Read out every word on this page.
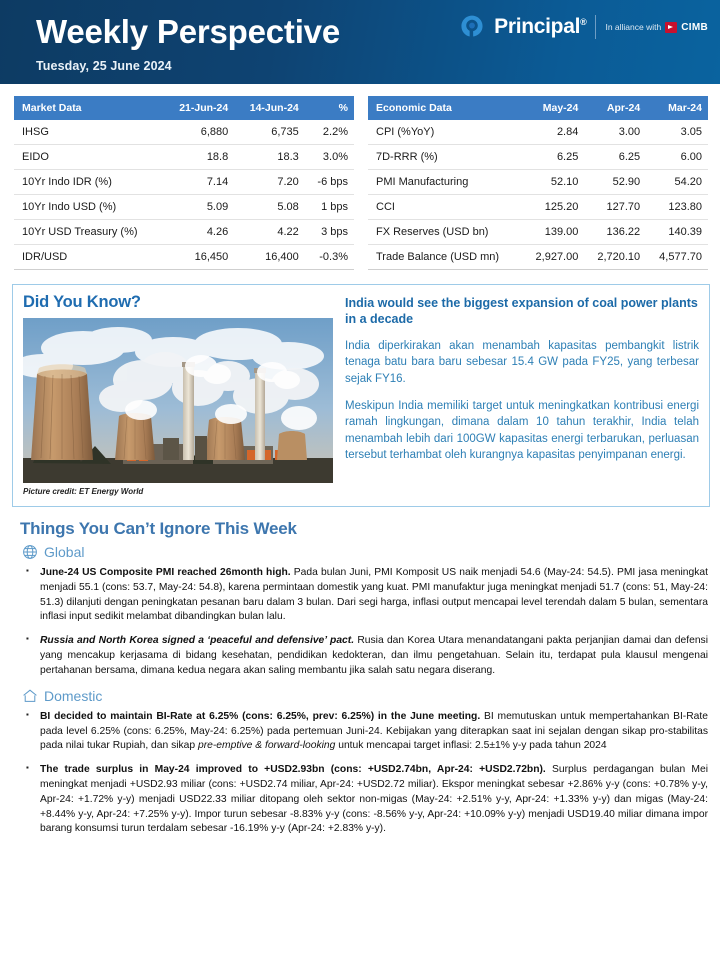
Weekly Perspective
Tuesday, 25 June 2024
Principal® In alliance with CIMB
Market Data	21-Jun-24	14-Jun-24	%
IHSG	6,880	6,735	2.2%
EIDO	18.8	18.3	3.0%
10Yr Indo IDR (%)	7.14	7.20	-6 bps
10Yr Indo USD (%)	5.09	5.08	1 bps
10Yr USD Treasury (%)	4.26	4.22	3 bps
IDR/USD	16,450	16,400	-0.3%
Economic Data	May-24	Apr-24	Mar-24
CPI (%YoY)	2.84	3.00	3.05
7D-RRR (%)	6.25	6.25	6.00
PMI Manufacturing	52.10	52.90	54.20
CCI	125.20	127.70	123.80
FX Reserves (USD bn)	139.00	136.22	140.39
Trade Balance (USD mn)	2,927.00	2,720.10	4,577.70
Did You Know?
Picture credit: ET Energy World
India would see the biggest expansion of coal power plants in a decade
India diperkirakan akan menambah kapasitas pembangkit listrik tenaga batu bara baru sebesar 15.4 GW pada FY25, yang terbesar sejak FY16.
Meskipun India memiliki target untuk meningkatkan kontribusi energi ramah lingkungan, dimana dalam 10 tahun terakhir, India telah menambah lebih dari 100GW kapasitas energi terbarukan, perluasan tersebut terhambat oleh kurangnya kapasitas penyimpanan energi.
Things You Can’t Ignore This Week
Global
▪ June-24 US Composite PMI reached 26month high. Pada bulan Juni, PMI Komposit US naik menjadi 54.6 (May-24: 54.5). PMI jasa meningkat menjadi 55.1 (cons: 53.7, May-24: 54.8), karena permintaan domestik yang kuat. PMI manufaktur juga meningkat menjadi 51.7 (cons: 51, May-24: 51.3) dilanjuti dengan peningkatan pesanan baru dalam 3 bulan. Dari segi harga, inflasi output mencapai level terendah dalam 5 bulan, sementara inflasi input sedikit melambat dibandingkan bulan lalu.
▪ Russia and North Korea signed a ‘peaceful and defensive’ pact. Rusia dan Korea Utara menandatangani pakta perjanjian damai dan defensi yang mencakup kerjasama di bidang kesehatan, pendidikan kedokteran, dan ilmu pengetahuan. Selain itu, terdapat pula klausul mengenai pertahanan bersama, dimana kedua negara akan saling membantu jika salah satu negara diserang.
Domestic
▪ BI decided to maintain BI-Rate at 6.25% (cons: 6.25%, prev: 6.25%) in the June meeting. BI memutuskan untuk mempertahankan BI-Rate pada level 6.25% (cons: 6.25%, May-24: 6.25%) pada pertemuan Juni-24. Kebijakan yang diterapkan saat ini sejalan dengan sikap pro-stabilitas pada nilai tukar Rupiah, dan sikap pre-emptive & forward-looking untuk mencapai target inflasi: 2.5±1% y-y pada tahun 2024
▪ The trade surplus in May-24 improved to +USD2.93bn (cons: +USD2.74bn, Apr-24: +USD2.72bn). Surplus perdagangan bulan Mei meningkat menjadi +USD2.93 miliar (cons: +USD2.74 miliar, Apr-24: +USD2.72 miliar). Ekspor meningkat sebesar +2.86% y-y (cons: +0.78% y-y, Apr-24: +1.72% y-y) menjadi USD22.33 miliar ditopang oleh sektor non-migas (May-24: +2.51% y-y, Apr-24: +1.33% y-y) dan migas (May-24: +8.44% y-y, Apr-24: +7.25% y-y). Impor turun sebesar -8.83% y-y (cons: -8.56% y-y, Apr-24: +10.09% y-y) menjadi USD19.40 miliar dimana impor barang konsumsi turun terdalam sebesar -16.19% y-y (Apr-24: +2.83% y-y).
